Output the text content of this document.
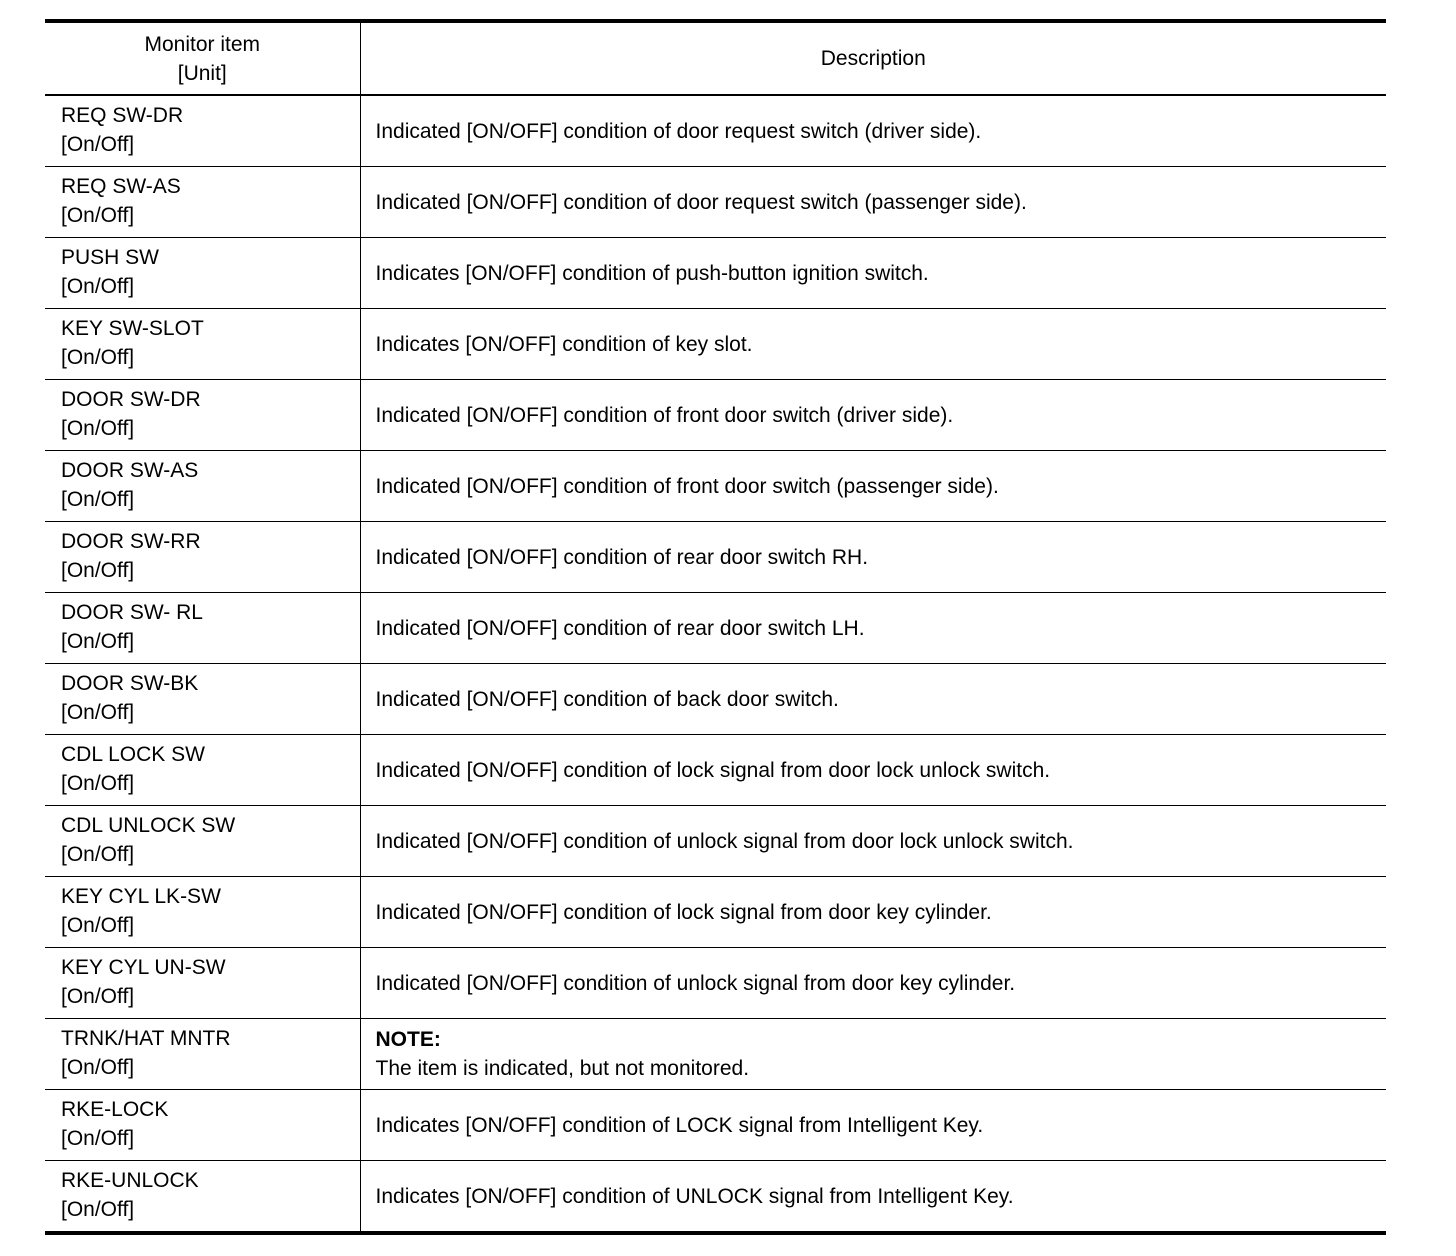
Monitor item
[Unit]	Description

REQ SW-DR
[On/Off]	Indicated [ON/OFF] condition of door request switch (driver side).

REQ SW-AS
[On/Off]	Indicated [ON/OFF] condition of door request switch (passenger side).

PUSH SW
[On/Off]	Indicates [ON/OFF] condition of push-button ignition switch.

KEY SW-SLOT
[On/Off]	Indicates [ON/OFF] condition of key slot.

DOOR SW-DR
[On/Off]	Indicated [ON/OFF] condition of front door switch (driver side).

DOOR SW-AS
[On/Off]	Indicated [ON/OFF] condition of front door switch (passenger side).

DOOR SW-RR
[On/Off]	Indicated [ON/OFF] condition of rear door switch RH.

DOOR SW- RL
[On/Off]	Indicated [ON/OFF] condition of rear door switch LH.

DOOR SW-BK
[On/Off]	Indicated [ON/OFF] condition of back door switch.

CDL LOCK SW
[On/Off]	Indicated [ON/OFF] condition of lock signal from door lock unlock switch.

CDL UNLOCK SW
[On/Off]	Indicated [ON/OFF] condition of unlock signal from door lock unlock switch.

KEY CYL LK-SW
[On/Off]	Indicated [ON/OFF] condition of lock signal from door key cylinder.

KEY CYL UN-SW
[On/Off]	Indicated [ON/OFF] condition of unlock signal from door key cylinder.

TRNK/HAT MNTR
[On/Off]	NOTE:
The item is indicated, but not monitored.

RKE-LOCK
[On/Off]	Indicates [ON/OFF] condition of LOCK signal from Intelligent Key.

RKE-UNLOCK
[On/Off]	Indicates [ON/OFF] condition of UNLOCK signal from Intelligent Key.
